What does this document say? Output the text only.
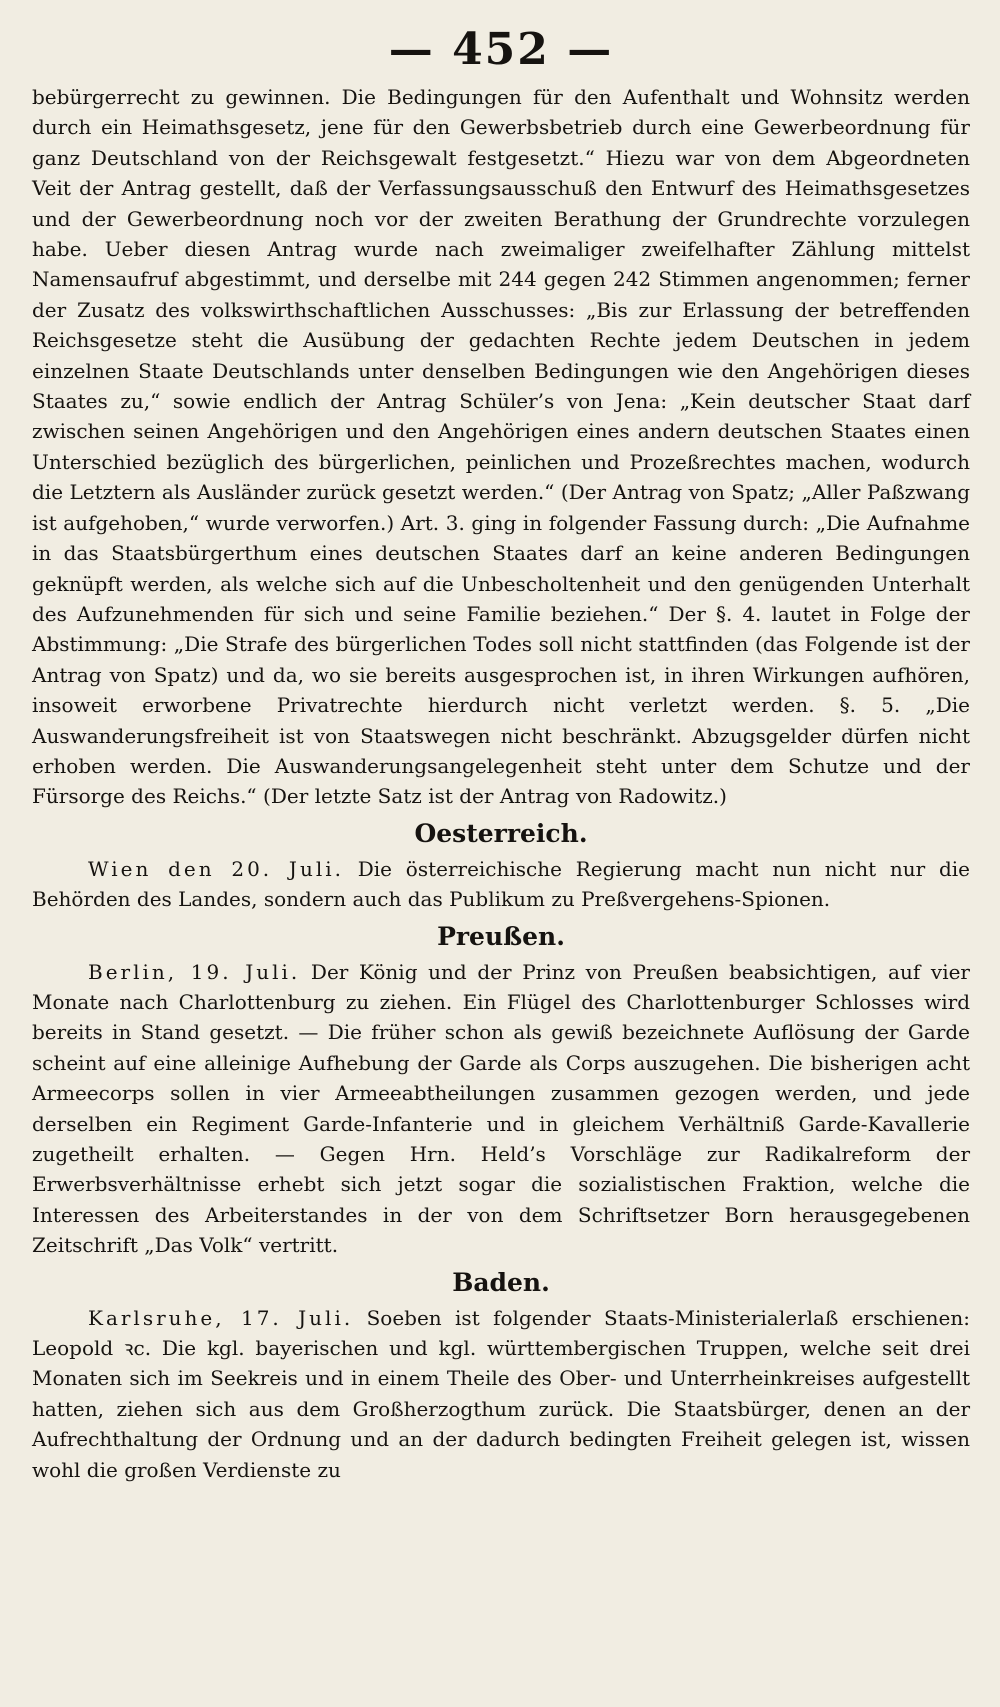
— 452 —

bebürgerrecht zu gewinnen. Die Bedingungen für den Aufenthalt und Wohnsitz werden durch ein Heimathsgesetz, jene für den Gewerbsbetrieb durch eine Gewerbeordnung für ganz Deutschland von der Reichsgewalt festgesetzt.“ Hiezu war von dem Abgeordneten Veit der Antrag gestellt, daß der Verfassungsausschuß den Entwurf des Heimathsgesetzes und der Gewerbeordnung noch vor der zweiten Berathung der Grundrechte vorzulegen habe. Ueber diesen Antrag wurde nach zweimaliger zweifelhafter Zählung mittelst Namensaufruf abgestimmt, und derselbe mit 244 gegen 242 Stimmen angenommen; ferner der Zusatz des volkswirthschaftlichen Ausschusses: „Bis zur Erlassung der betreffenden Reichsgesetze steht die Ausübung der gedachten Rechte jedem Deutschen in jedem einzelnen Staate Deutschlands unter denselben Bedingungen wie den Angehörigen dieses Staates zu,“ sowie endlich der Antrag Schüler’s von Jena: „Kein deutscher Staat darf zwischen seinen Angehörigen und den Angehörigen eines andern deutschen Staates einen Unterschied bezüglich des bürgerlichen, peinlichen und Prozeßrechtes machen, wodurch die Letztern als Ausländer zurück gesetzt werden.“ (Der Antrag von Spatz; „Aller Paßzwang ist aufgehoben,“ wurde verworfen.) Art. 3. ging in folgender Fassung durch: „Die Aufnahme in das Staatsbürgerthum eines deutschen Staates darf an keine anderen Bedingungen geknüpft werden, als welche sich auf die Unbescholtenheit und den genügenden Unterhalt des Aufzunehmenden für sich und seine Familie beziehen.“ Der §. 4. lautet in Folge der Abstimmung: „Die Strafe des bürgerlichen Todes soll nicht stattfinden (das Folgende ist der Antrag von Spatz) und da, wo sie bereits ausgesprochen ist, in ihren Wirkungen aufhören, insoweit erworbene Privatrechte hierdurch nicht verletzt werden. §. 5. „Die Auswanderungsfreiheit ist von Staatswegen nicht beschränkt. Abzugsgelder dürfen nicht erhoben werden. Die Auswanderungsangelegenheit steht unter dem Schutze und der Fürsorge des Reichs.“ (Der letzte Satz ist der Antrag von Radowitz.)

Oesterreich.

Wien den 20. Juli. Die österreichische Regierung macht nun nicht nur die Behörden des Landes, sondern auch das Publikum zu Preßvergehens-Spionen.

Preußen.

Berlin, 19. Juli. Der König und der Prinz von Preußen beabsichtigen, auf vier Monate nach Charlottenburg zu ziehen. Ein Flügel des Charlottenburger Schlosses wird bereits in Stand gesetzt. — Die früher schon als gewiß bezeichnete Auflösung der Garde scheint auf eine alleinige Aufhebung der Garde als Corps auszugehen. Die bisherigen acht Armeecorps sollen in vier Armeeabtheilungen zusammen gezogen werden, und jede derselben ein Regiment Garde-Infanterie und in gleichem Verhältniß Garde-Kavallerie zugetheilt erhalten. — Gegen Hrn. Held’s Vorschläge zur Radikalreform der Erwerbsverhältnisse erhebt sich jetzt sogar die sozialistischen Fraktion, welche die Interessen des Arbeiterstandes in der von dem Schriftsetzer Born herausgegebenen Zeitschrift „Das Volk“ vertritt.

Baden.

Karlsruhe, 17. Juli. Soeben ist folgender Staats-Ministerialerlaß erschienen: Leopold ꝛc. Die kgl. bayerischen und kgl. württembergischen Truppen, welche seit drei Monaten sich im Seekreis und in einem Theile des Ober- und Unterrheinkreises aufgestellt hatten, ziehen sich aus dem Großherzogthum zurück. Die Staatsbürger, denen an der Aufrechthaltung der Ordnung und an der dadurch bedingten Freiheit gelegen ist, wissen wohl die großen Verdienste zu
